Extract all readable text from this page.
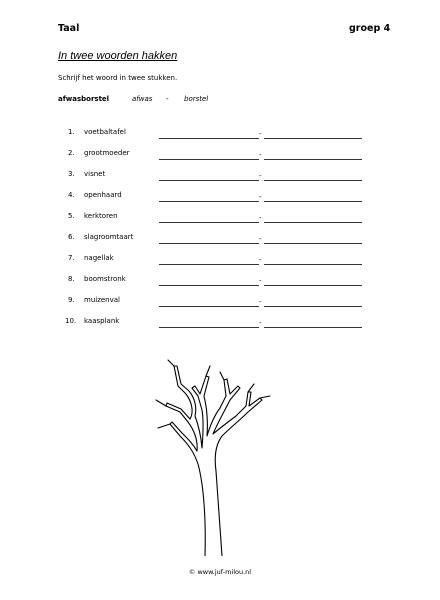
Taal	groep 4
In twee woorden hakken
Schrijf het woord in twee stukken.
afwasborstel	afwas - borstel
1. voetbaltafel	-
2. grootmoeder	-
3. visnet	-
4. openhaard	-
5. kerktoren	-
6. slagroomtaart	-
7. nagellak	-
8. boomstronk	-
9. muizenval	-
10. kaasplank	-
© www.juf-milou.nl
